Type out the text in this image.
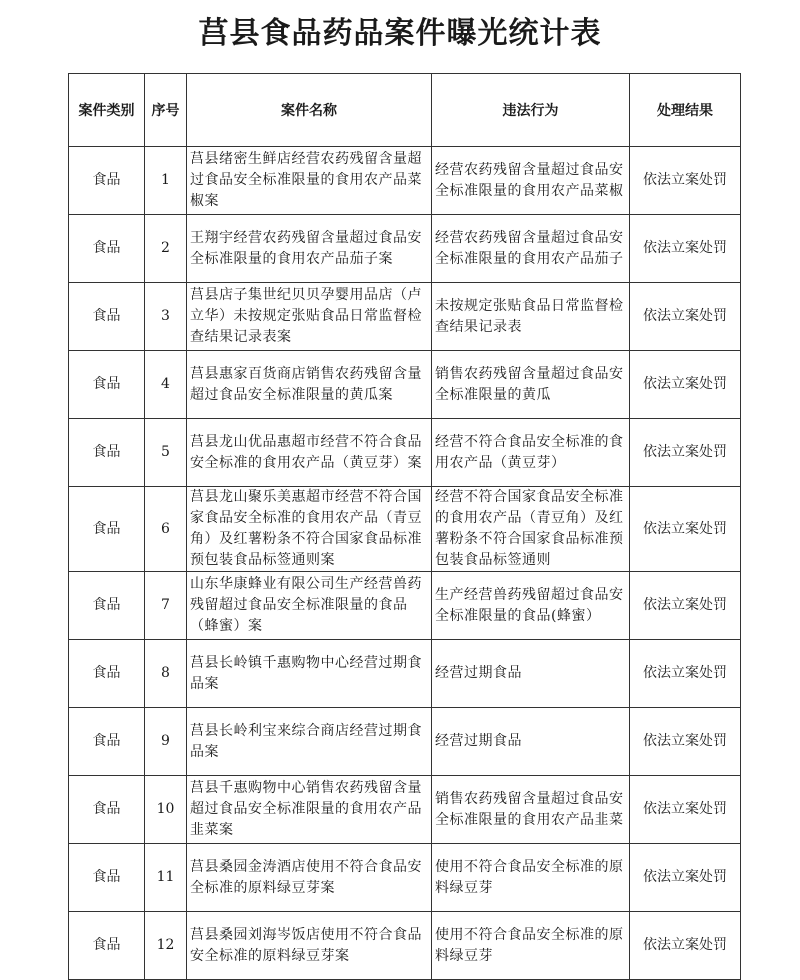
莒县食品药品案件曝光统计表
案件类别	序号	案件名称	违法行为	处理结果
食品	1	莒县绪密生鲜店经营农药残留含量超过食品安全标准限量的食用农产品菜椒案	经营农药残留含量超过食品安全标准限量的食用农产品菜椒	依法立案处罚
食品	2	王翔宇经营农药残留含量超过食品安全标准限量的食用农产品茄子案	经营农药残留含量超过食品安全标准限量的食用农产品茄子	依法立案处罚
食品	3	莒县店子集世纪贝贝孕婴用品店（卢立华）未按规定张贴食品日常监督检查结果记录表案	未按规定张贴食品日常监督检查结果记录表	依法立案处罚
食品	4	莒县惠家百货商店销售农药残留含量超过食品安全标准限量的黄瓜案	销售农药残留含量超过食品安全标准限量的黄瓜	依法立案处罚
食品	5	莒县龙山优品惠超市经营不符合食品安全标准的食用农产品（黄豆芽）案	经营不符合食品安全标准的食用农产品（黄豆芽）	依法立案处罚
食品	6	莒县龙山聚乐美惠超市经营不符合国家食品安全标准的食用农产品（青豆角）及红薯粉条不符合国家食品标准预包装食品标签通则案	经营不符合国家食品安全标准的食用农产品（青豆角）及红薯粉条不符合国家食品标准预包装食品标签通则	依法立案处罚
食品	7	山东华康蜂业有限公司生产经营兽药残留超过食品安全标准限量的食品（蜂蜜）案	生产经营兽药残留超过食品安全标准限量的食品(蜂蜜）	依法立案处罚
食品	8	莒县长岭镇千惠购物中心经营过期食品案	经营过期食品	依法立案处罚
食品	9	莒县长岭利宝来综合商店经营过期食品案	经营过期食品	依法立案处罚
食品	10	莒县千惠购物中心销售农药残留含量超过食品安全标准限量的食用农产品韭菜案	销售农药残留含量超过食品安全标准限量的食用农产品韭菜	依法立案处罚
食品	11	莒县桑园金涛酒店使用不符合食品安全标准的原料绿豆芽案	使用不符合食品安全标准的原料绿豆芽	依法立案处罚
食品	12	莒县桑园刘海岑饭店使用不符合食品安全标准的原料绿豆芽案	使用不符合食品安全标准的原料绿豆芽	依法立案处罚
